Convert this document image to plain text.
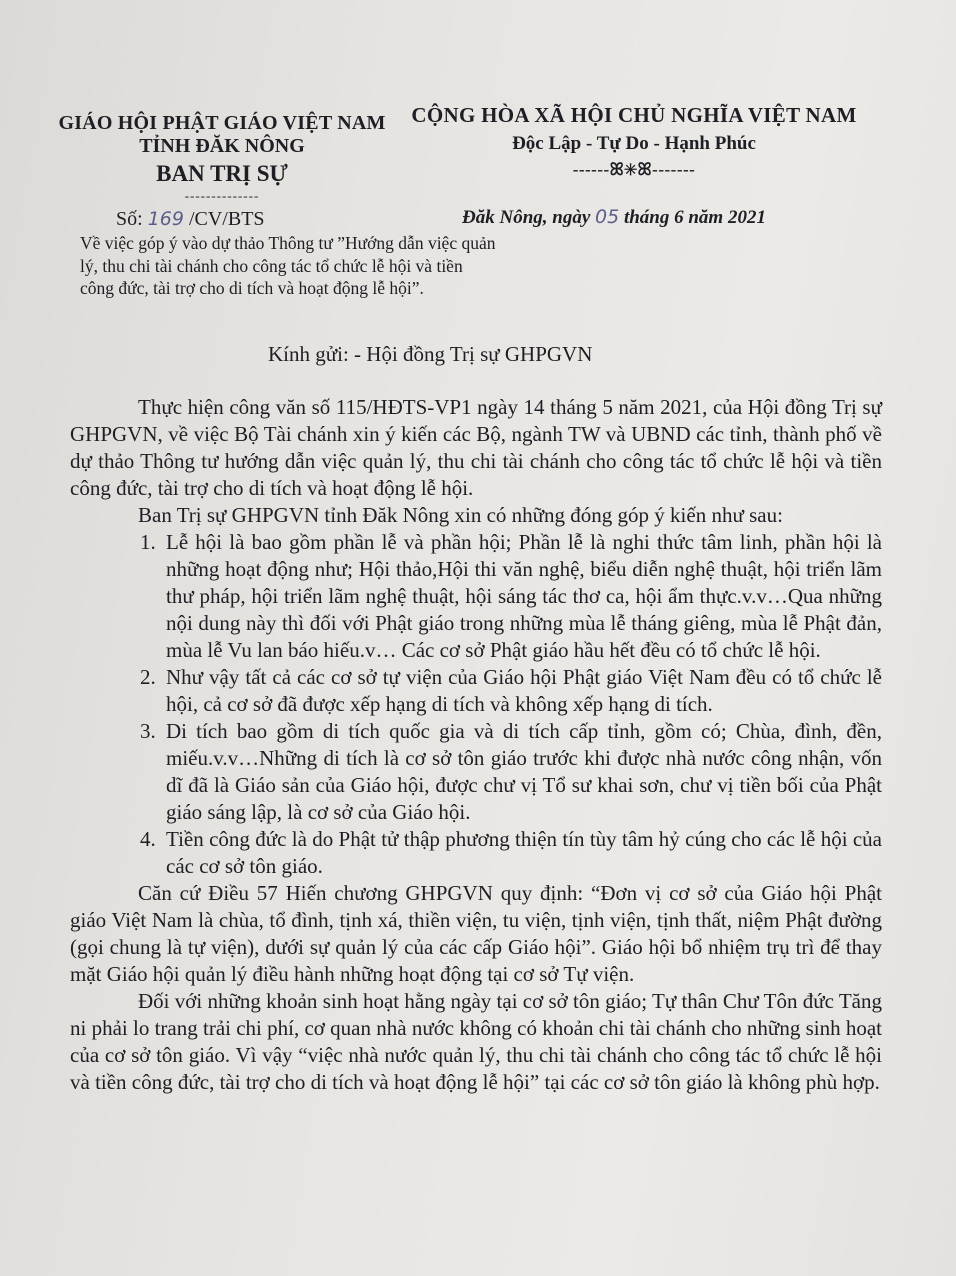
GIÁO HỘI PHẬT GIÁO VIỆT NAM
TỈNH ĐĂK NÔNG
BAN TRỊ SỰ
--------------
CỘNG HÒA XÃ HỘI CHỦ NGHĨA VIỆT NAM
Độc Lập - Tự Do - Hạnh Phúc
------ꕤ✳ꕤ-------
Số: 169 /CV/BTS	Đăk Nông, ngày 05 tháng 6 năm 2021
Về việc góp ý vào dự thảo Thông tư ”Hướng dẫn việc quản lý, thu chi tài chánh cho công tác tổ chức lễ hội và tiền công đức, tài trợ cho di tích và hoạt động lễ hội”.
Kính gửi: - Hội đồng Trị sự GHPGVN

Thực hiện công văn số 115/HĐTS-VP1 ngày 14 tháng 5 năm 2021, của Hội đồng Trị sự GHPGVN, về việc Bộ Tài chánh xin ý kiến các Bộ, ngành TW và UBND các tỉnh, thành phố về dự thảo Thông tư hướng dẫn việc quản lý, thu chi tài chánh cho công tác tổ chức lễ hội và tiền công đức, tài trợ cho di tích và hoạt động lễ hội.

Ban Trị sự GHPGVN tỉnh Đăk Nông xin có những đóng góp ý kiến như sau:

1. Lễ hội là bao gồm phần lễ và phần hội; Phần lễ là nghi thức tâm linh, phần hội là những hoạt động như; Hội thảo,Hội thi văn nghệ, biểu diễn nghệ thuật, hội triển lãm thư pháp, hội triển lãm nghệ thuật, hội sáng tác thơ ca, hội ẩm thực.v.v…Qua những nội dung này thì đối với Phật giáo trong những mùa lễ tháng giêng, mùa lễ Phật đản, mùa lễ Vu lan báo hiếu.v… Các cơ sở Phật giáo hầu hết đều có tổ chức lễ hội.
2. Như vậy tất cả các cơ sở tự viện của Giáo hội Phật giáo Việt Nam đều có tổ chức lễ hội, cả cơ sở đã được xếp hạng di tích và không xếp hạng di tích.
3. Di tích bao gồm di tích quốc gia và di tích cấp tỉnh, gồm có; Chùa, đình, đền, miếu.v.v…Những di tích là cơ sở tôn giáo trước khi được nhà nước công nhận, vốn dĩ đã là Giáo sản của Giáo hội, được chư vị Tổ sư khai sơn, chư vị tiền bối của Phật giáo sáng lập, là cơ sở của Giáo hội.
4. Tiền công đức là do Phật tử thập phương thiện tín tùy tâm hỷ cúng cho các lễ hội của các cơ sở tôn giáo.

Căn cứ Điều 57 Hiến chương GHPGVN quy định: “Đơn vị cơ sở của Giáo hội Phật giáo Việt Nam là chùa, tổ đình, tịnh xá, thiền viện, tu viện, tịnh viện, tịnh thất, niệm Phật đường (gọi chung là tự viện), dưới sự quản lý của các cấp Giáo hội”. Giáo hội bổ nhiệm trụ trì để thay mặt Giáo hội quản lý điều hành những hoạt động tại cơ sở Tự viện.

Đối với những khoản sinh hoạt hằng ngày tại cơ sở tôn giáo; Tự thân Chư Tôn đức Tăng ni phải lo trang trải chi phí, cơ quan nhà nước không có khoản chi tài chánh cho những sinh hoạt của cơ sở tôn giáo. Vì vậy “việc nhà nước quản lý, thu chi tài chánh cho công tác tổ chức lễ hội và tiền công đức, tài trợ cho di tích và hoạt động lễ hội” tại các cơ sở tôn giáo là không phù hợp.
